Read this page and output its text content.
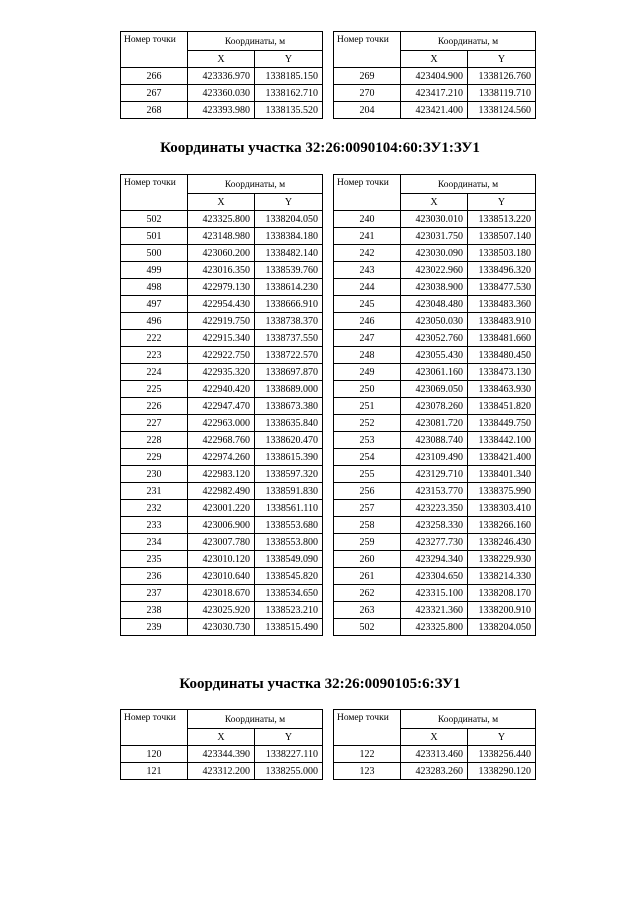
Номер точки	Координаты, м	
	X	Y
266	423336.970	1338185.150
267	423360.030	1338162.710
268	423393.980	1338135.520
Номер точки	Координаты, м	
	X	Y
269	423404.900	1338126.760
270	423417.210	1338119.710
204	423421.400	1338124.560
Координаты участка 32:26:0090104:60:ЗУ1:ЗУ1
Номер точки	Координаты, м	
	X	Y
502	423325.800	1338204.050
501	423148.980	1338384.180
500	423060.200	1338482.140
499	423016.350	1338539.760
498	422979.130	1338614.230
497	422954.430	1338666.910
496	422919.750	1338738.370
222	422915.340	1338737.550
223	422922.750	1338722.570
224	422935.320	1338697.870
225	422940.420	1338689.000
226	422947.470	1338673.380
227	422963.000	1338635.840
228	422968.760	1338620.470
229	422974.260	1338615.390
230	422983.120	1338597.320
231	422982.490	1338591.830
232	423001.220	1338561.110
233	423006.900	1338553.680
234	423007.780	1338553.800
235	423010.120	1338549.090
236	423010.640	1338545.820
237	423018.670	1338534.650
238	423025.920	1338523.210
239	423030.730	1338515.490
Номер точки	Координаты, м	
	X	Y
240	423030.010	1338513.220
241	423031.750	1338507.140
242	423030.090	1338503.180
243	423022.960	1338496.320
244	423038.900	1338477.530
245	423048.480	1338483.360
246	423050.030	1338483.910
247	423052.760	1338481.660
248	423055.430	1338480.450
249	423061.160	1338473.130
250	423069.050	1338463.930
251	423078.260	1338451.820
252	423081.720	1338449.750
253	423088.740	1338442.100
254	423109.490	1338421.400
255	423129.710	1338401.340
256	423153.770	1338375.990
257	423223.350	1338303.410
258	423258.330	1338266.160
259	423277.730	1338246.430
260	423294.340	1338229.930
261	423304.650	1338214.330
262	423315.100	1338208.170
263	423321.360	1338200.910
502	423325.800	1338204.050
Координаты участка 32:26:0090105:6:ЗУ1
Номер точки	Координаты, м	
	X	Y
120	423344.390	1338227.110
121	423312.200	1338255.000
Номер точки	Координаты, м	
	X	Y
122	423313.460	1338256.440
123	423283.260	1338290.120
